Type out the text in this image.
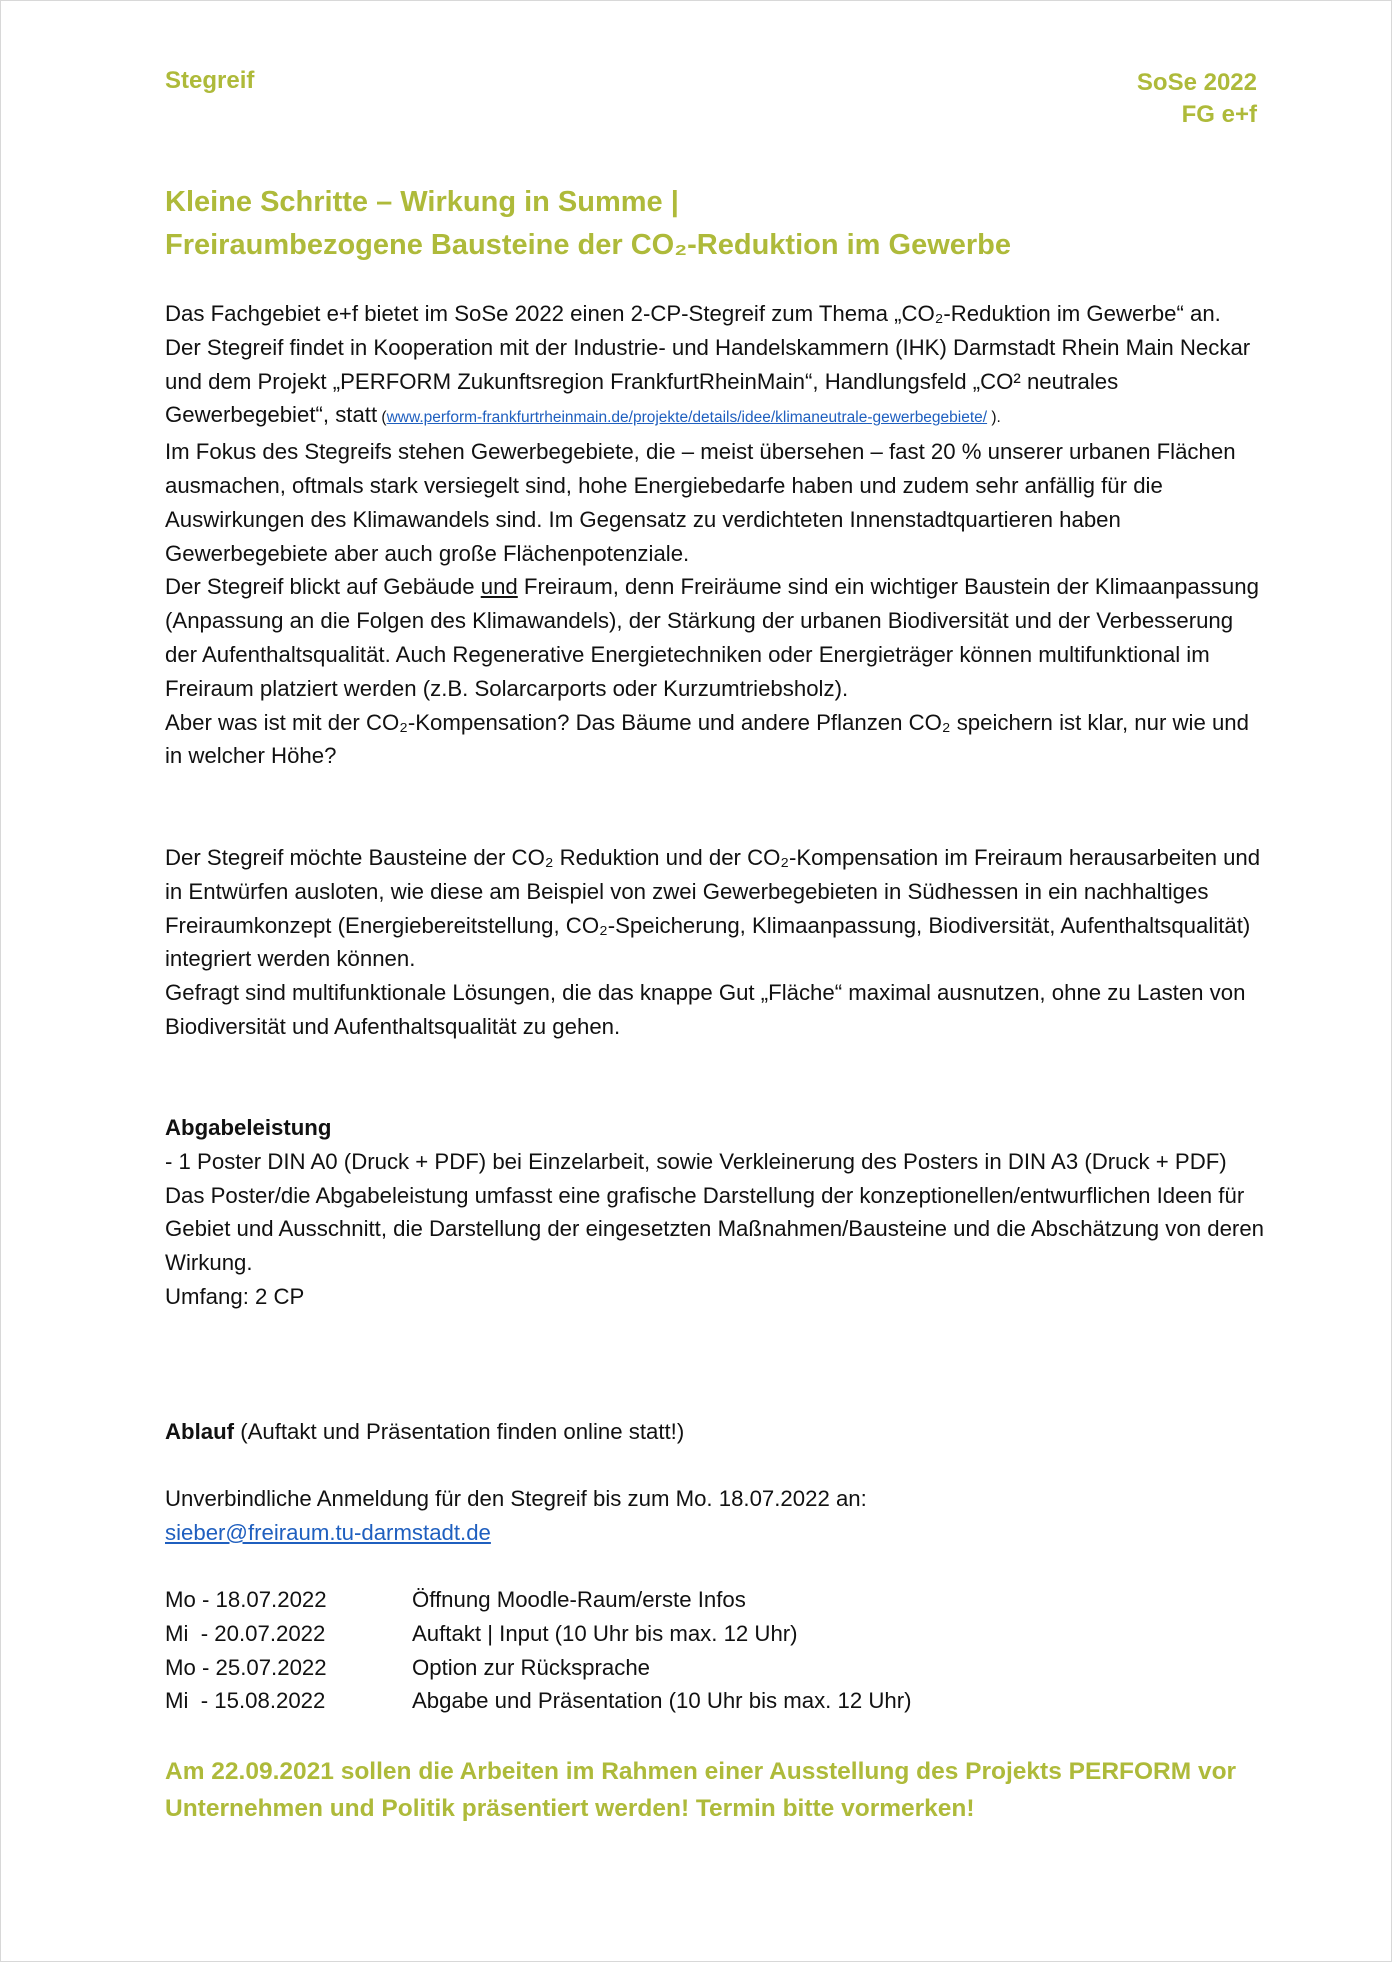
Stegreif	SoSe 2022
FG e+f
Kleine Schritte – Wirkung in Summe |
Freiraumbezogene Bausteine der CO₂-Reduktion im Gewerbe

Das Fachgebiet e+f bietet im SoSe 2022 einen 2-CP-Stegreif zum Thema „CO₂-Reduktion im Gewerbe“ an.

Der Stegreif findet in Kooperation mit der Industrie- und Handelskammern (IHK) Darmstadt Rhein Main Neckar und dem Projekt „PERFORM Zukunftsregion FrankfurtRheinMain“, Handlungsfeld „CO² neutrales Gewerbegebiet“, statt (www.perform-frankfurtrheinmain.de/projekte/details/idee/klimaneutrale-gewerbegebiete/ ).

Im Fokus des Stegreifs stehen Gewerbegebiete, die – meist übersehen – fast 20 % unserer urbanen Flächen ausmachen, oftmals stark versiegelt sind, hohe Energiebedarfe haben und zudem sehr anfällig für die Auswirkungen des Klimawandels sind. Im Gegensatz zu verdichteten Innenstadtquartieren haben Gewerbegebiete aber auch große Flächenpotenziale.

Der Stegreif blickt auf Gebäude und Freiraum, denn Freiräume sind ein wichtiger Baustein der Klimaanpassung (Anpassung an die Folgen des Klimawandels), der Stärkung der urbanen Biodiversität und der Verbesserung der Aufenthaltsqualität. Auch Regenerative Energietechniken oder Energieträger können multifunktional im Freiraum platziert werden (z.B. Solarcarports oder Kurzumtriebsholz).

Aber was ist mit der CO₂-Kompensation? Das Bäume und andere Pflanzen CO₂ speichern ist klar, nur wie und in welcher Höhe?

Der Stegreif möchte Bausteine der CO₂ Reduktion und der CO₂-Kompensation im Freiraum herausarbeiten und in Entwürfen ausloten, wie diese am Beispiel von zwei Gewerbegebieten in Südhessen in ein nachhaltiges Freiraumkonzept (Energiebereitstellung, CO₂-Speicherung, Klimaanpassung, Biodiversität, Aufenthaltsqualität) integriert werden können.

Gefragt sind multifunktionale Lösungen, die das knappe Gut „Fläche“ maximal ausnutzen, ohne zu Lasten von Biodiversität und Aufenthaltsqualität zu gehen.

Abgabeleistung

- 1 Poster DIN A0 (Druck + PDF) bei Einzelarbeit, sowie Verkleinerung des Posters in DIN A3 (Druck + PDF)

Das Poster/die Abgabeleistung umfasst eine grafische Darstellung der konzeptionellen/entwurflichen Ideen für Gebiet und Ausschnitt, die Darstellung der eingesetzten Maßnahmen/Bausteine und die Abschätzung von deren Wirkung.

Umfang: 2 CP

Ablauf (Auftakt und Präsentation finden online statt!)

Unverbindliche Anmeldung für den Stegreif bis zum Mo. 18.07.2022 an:

sieber@freiraum.tu-darmstadt.de

Mo - 18.07.2022	Öffnung Moodle-Raum/erste Infos
Mi  - 20.07.2022	Auftakt | Input (10 Uhr bis max. 12 Uhr)
Mo - 25.07.2022	Option zur Rücksprache
Mi  - 15.08.2022	Abgabe und Präsentation (10 Uhr bis max. 12 Uhr)
Am 22.09.2021 sollen die Arbeiten im Rahmen einer Ausstellung des Projekts PERFORM vor
Unternehmen und Politik präsentiert werden! Termin bitte vormerken!
